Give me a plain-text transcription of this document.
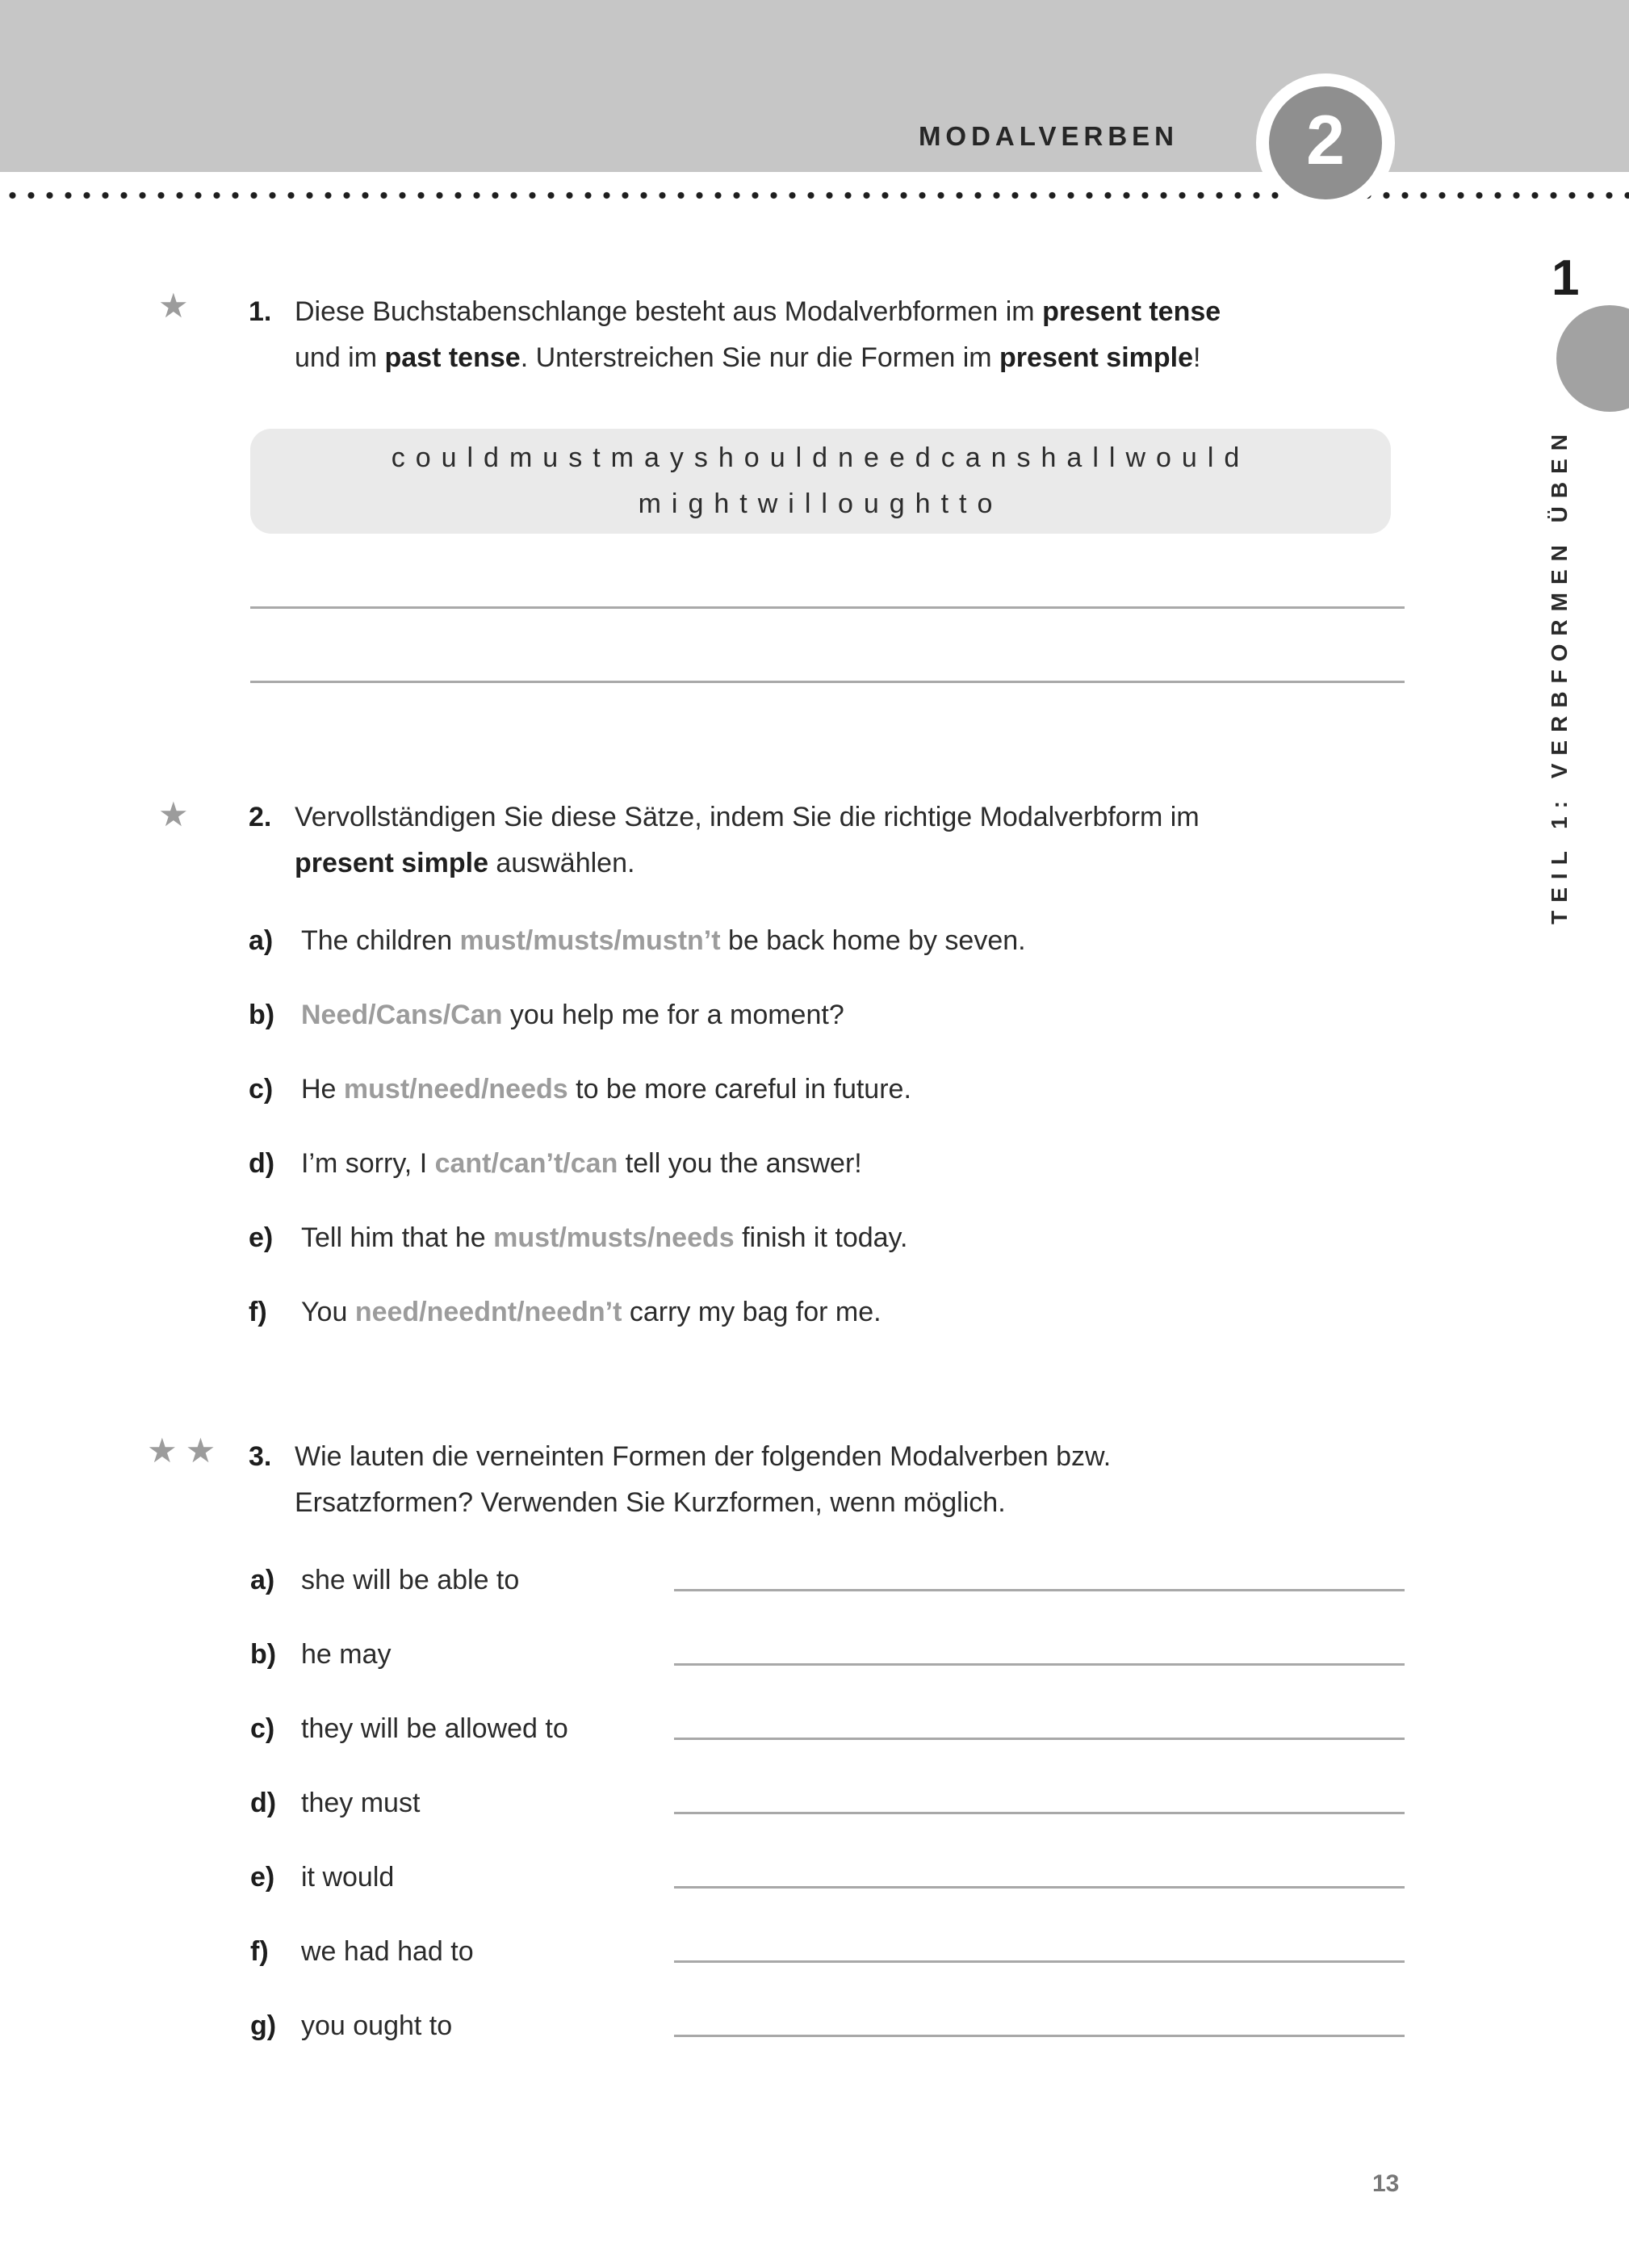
MODALVERBEN	2
1
TEIL 1: VERBFORMEN ÜBEN
★ 1. Diese Buchstabenschlange besteht aus Modalverbformen im present tense
und im past tense. Unterstreichen Sie nur die Formen im present simple!
couldmustmayshouldneedcanshallwould
mightwilloughtto
★ 2. Vervollständigen Sie diese Sätze, indem Sie die richtige Modalverbform im
present simple auswählen.
a)	The children must/musts/mustn’t be back home by seven.
b) Need/Cans/Can you help me for a moment?
c)	He must/need/needs to be more careful in future.
d) I’m sorry, I cant/can’t/can tell you the answer!
e)	Tell him that he must/musts/needs finish it today.
f)	You need/neednt/needn’t carry my bag for me.
★★ 3. Wie lauten die verneinten Formen der folgenden Modalverben bzw.
Ersatzformen? Verwenden Sie Kurzformen, wenn möglich.
a) she will be able to
b) he may
c) they will be allowed to
d) they must
e) it would
f) we had had to
g) you ought to
13
